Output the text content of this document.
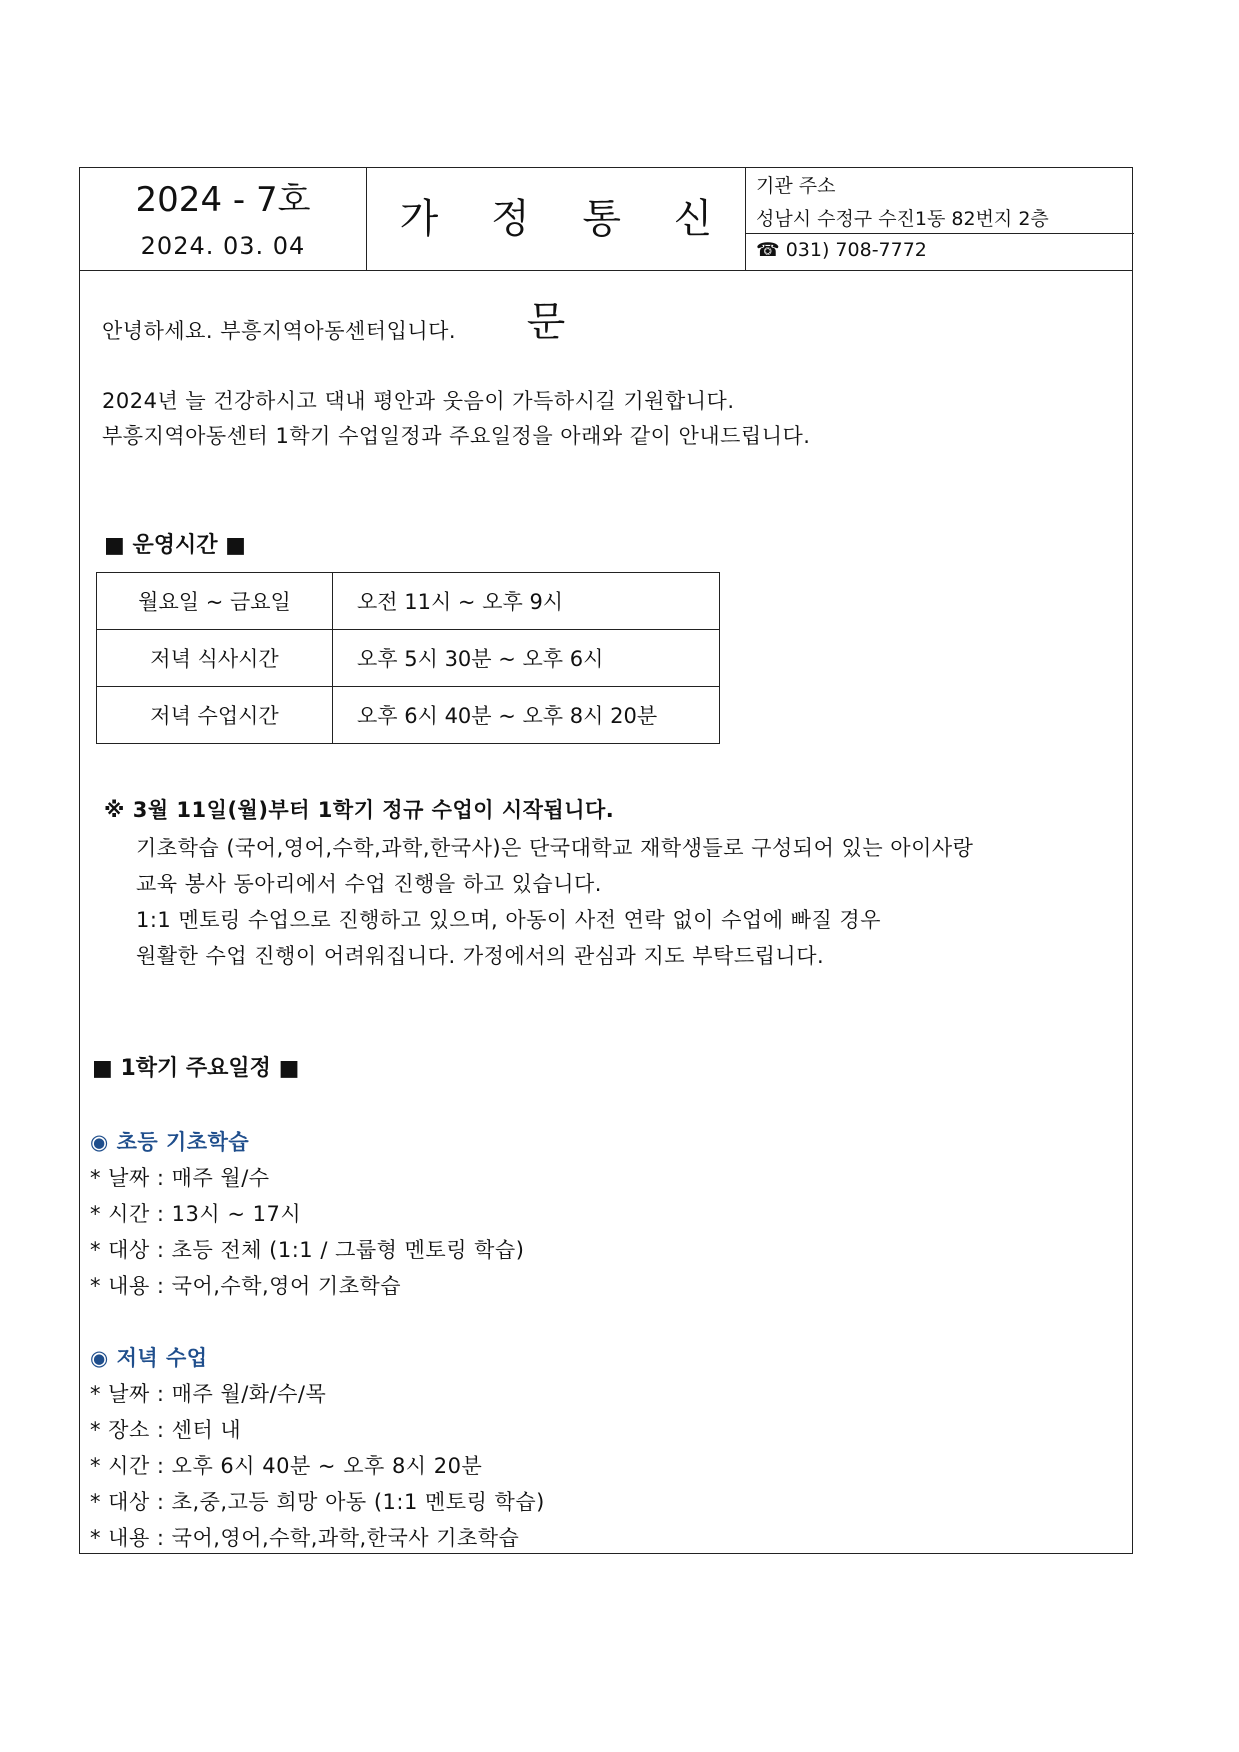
2024 - 7호
2024. 03. 04
가 정 통 신 문
기관 주소
성남시 수정구 수진1동 82번지 2층
☎ 031) 708-7772
안녕하세요. 부흥지역아동센터입니다.
2024년 늘 건강하시고 댁내 평안과 웃음이 가득하시길 기원합니다.
부흥지역아동센터 1학기 수업일정과 주요일정을 아래와 같이 안내드립니다.
■ 운영시간 ■
월요일 ~ 금요일	오전 11시 ~ 오후 9시
저녁 식사시간	오후 5시 30분 ~ 오후 6시
저녁 수업시간	오후 6시 40분 ~ 오후 8시 20분
※ 3월 11일(월)부터 1학기 정규 수업이 시작됩니다.
기초학습 (국어,영어,수학,과학,한국사)은 단국대학교 재학생들로 구성되어 있는 아이사랑
교육 봉사 동아리에서 수업 진행을 하고 있습니다.
1:1 멘토링 수업으로 진행하고 있으며, 아동이 사전 연락 없이 수업에 빠질 경우
원활한 수업 진행이 어려워집니다. 가정에서의 관심과 지도 부탁드립니다.
■ 1학기 주요일정 ■
◉ 초등 기초학습
* 날짜 : 매주 월/수
* 시간 : 13시 ~ 17시
* 대상 : 초등 전체 (1:1 / 그룹형 멘토링 학습)
* 내용 : 국어,수학,영어 기초학습
◉ 저녁 수업
* 날짜 : 매주 월/화/수/목
* 장소 : 센터 내
* 시간 : 오후 6시 40분 ~ 오후 8시 20분
* 대상 : 초,중,고등 희망 아동 (1:1 멘토링 학습)
* 내용 : 국어,영어,수학,과학,한국사 기초학습
